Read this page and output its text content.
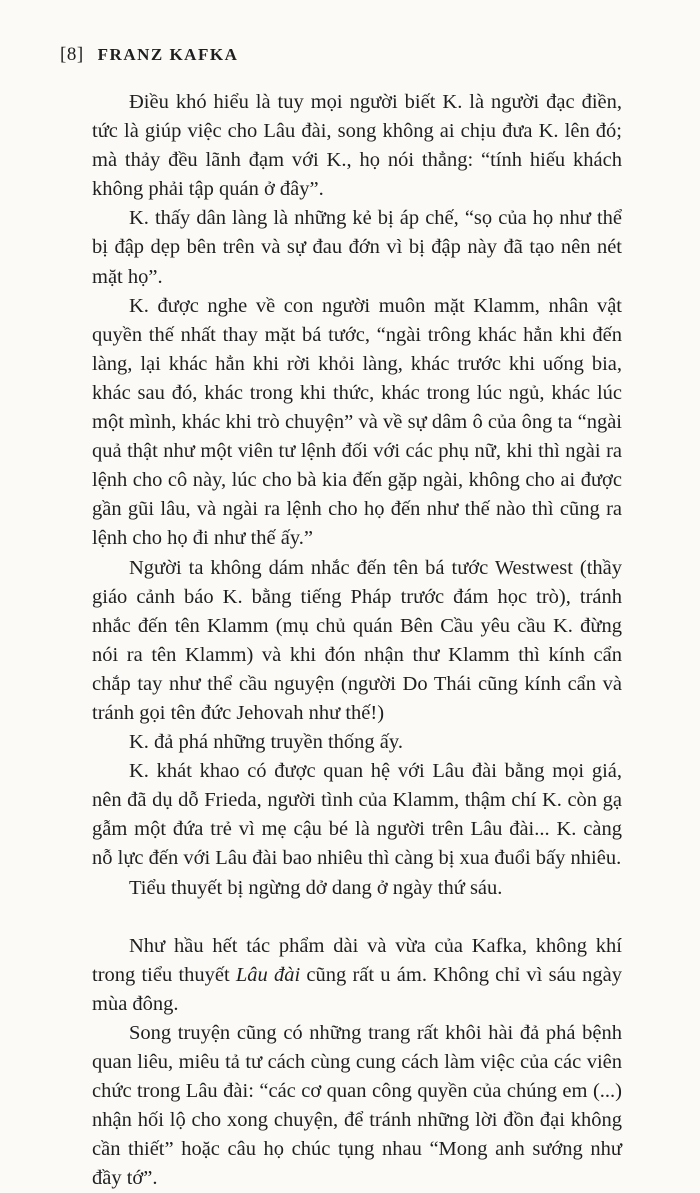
[8] FRANZ KAFKA

Điều khó hiểu là tuy mọi người biết K. là người đạc điền, tức là giúp việc cho Lâu đài, song không ai chịu đưa K. lên đó; mà thảy đều lãnh đạm với K., họ nói thẳng: “tính hiếu khách không phải tập quán ở đây”.

K. thấy dân làng là những kẻ bị áp chế, “sọ của họ như thể bị đập dẹp bên trên và sự đau đớn vì bị đập này đã tạo nên nét mặt họ”.

K. được nghe về con người muôn mặt Klamm, nhân vật quyền thế nhất thay mặt bá tước, “ngài trông khác hẳn khi đến làng, lại khác hẳn khi rời khỏi làng, khác trước khi uống bia, khác sau đó, khác trong khi thức, khác trong lúc ngủ, khác lúc một mình, khác khi trò chuyện” và về sự dâm ô của ông ta “ngài quả thật như một viên tư lệnh đối với các phụ nữ, khi thì ngài ra lệnh cho cô này, lúc cho bà kia đến gặp ngài, không cho ai được gần gũi lâu, và ngài ra lệnh cho họ đến như thế nào thì cũng ra lệnh cho họ đi như thế ấy.”

Người ta không dám nhắc đến tên bá tước Westwest (thầy giáo cảnh báo K. bằng tiếng Pháp trước đám học trò), tránh nhắc đến tên Klamm (mụ chủ quán Bên Cầu yêu cầu K. đừng nói ra tên Klamm) và khi đón nhận thư Klamm thì kính cẩn chắp tay như thể cầu nguyện (người Do Thái cũng kính cẩn và tránh gọi tên đức Jehovah như thế!)

K. đả phá những truyền thống ấy.

K. khát khao có được quan hệ với Lâu đài bằng mọi giá, nên đã dụ dỗ Frieda, người tình của Klamm, thậm chí K. còn gạ gẫm một đứa trẻ vì mẹ cậu bé là người trên Lâu đài... K. càng nỗ lực đến với Lâu đài bao nhiêu thì càng bị xua đuổi bấy nhiêu.

Tiểu thuyết bị ngừng dở dang ở ngày thứ sáu.

Như hầu hết tác phẩm dài và vừa của Kafka, không khí trong tiểu thuyết Lâu đài cũng rất u ám. Không chỉ vì sáu ngày mùa đông.

Song truyện cũng có những trang rất khôi hài đả phá bệnh quan liêu, miêu tả tư cách cùng cung cách làm việc của các viên chức trong Lâu đài: “các cơ quan công quyền của chúng em (...) nhận hối lộ cho xong chuyện, để tránh những lời đồn đại không cần thiết” hoặc câu họ chúc tụng nhau “Mong anh sướng như đầy tớ”.
